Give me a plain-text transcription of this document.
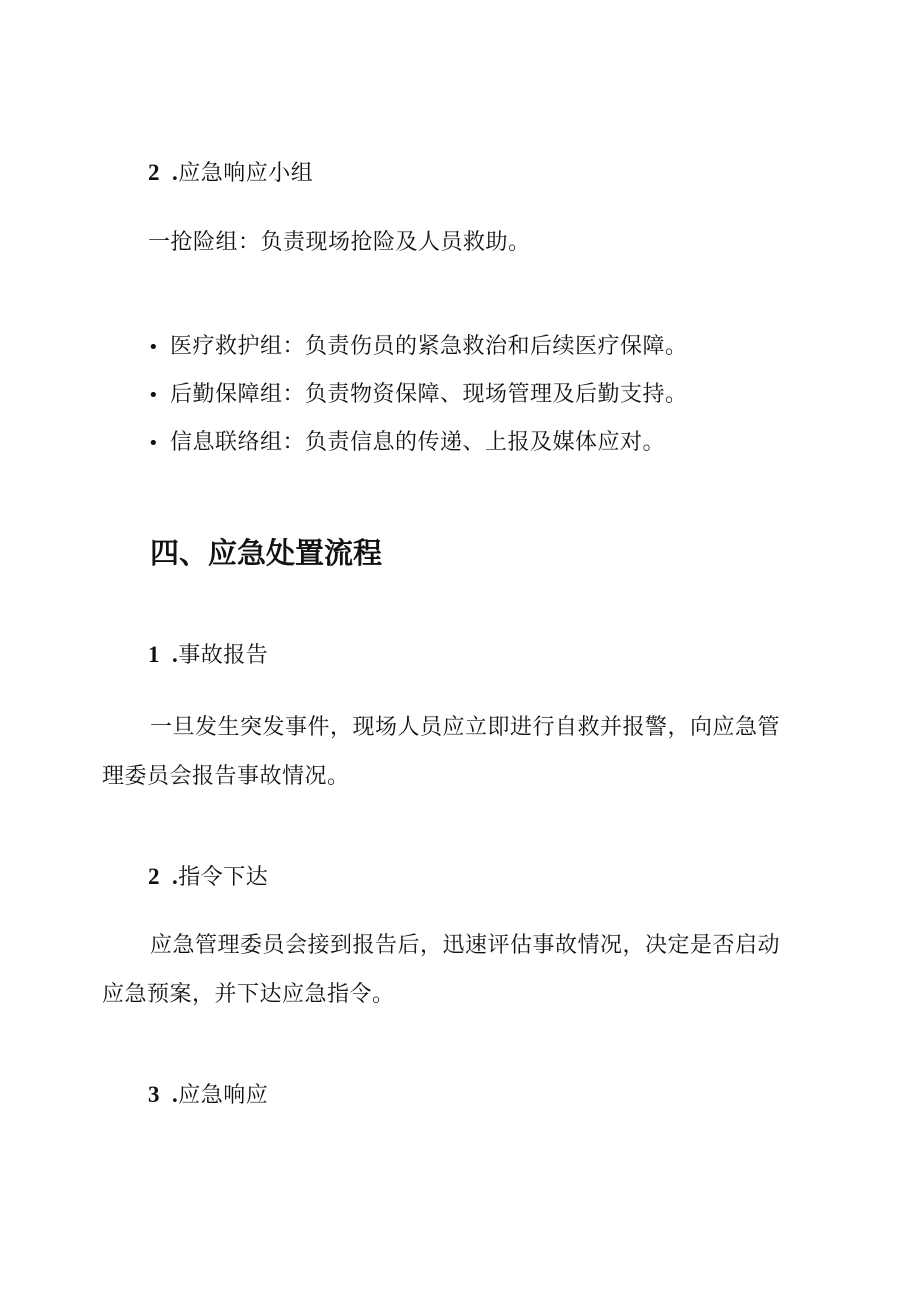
2 .应急响应小组
一抢险组：负责现场抢险及人员救助。
• 医疗救护组：负责伤员的紧急救治和后续医疗保障。
• 后勤保障组：负责物资保障、现场管理及后勤支持。
• 信息联络组：负责信息的传递、上报及媒体应对。
四、应急处置流程
1 .事故报告
一旦发生突发事件，现场人员应立即进行自救并报警，向应急管
理委员会报告事故情况。
2 .指令下达
应急管理委员会接到报告后，迅速评估事故情况，决定是否启动
应急预案，并下达应急指令。
3 .应急响应
